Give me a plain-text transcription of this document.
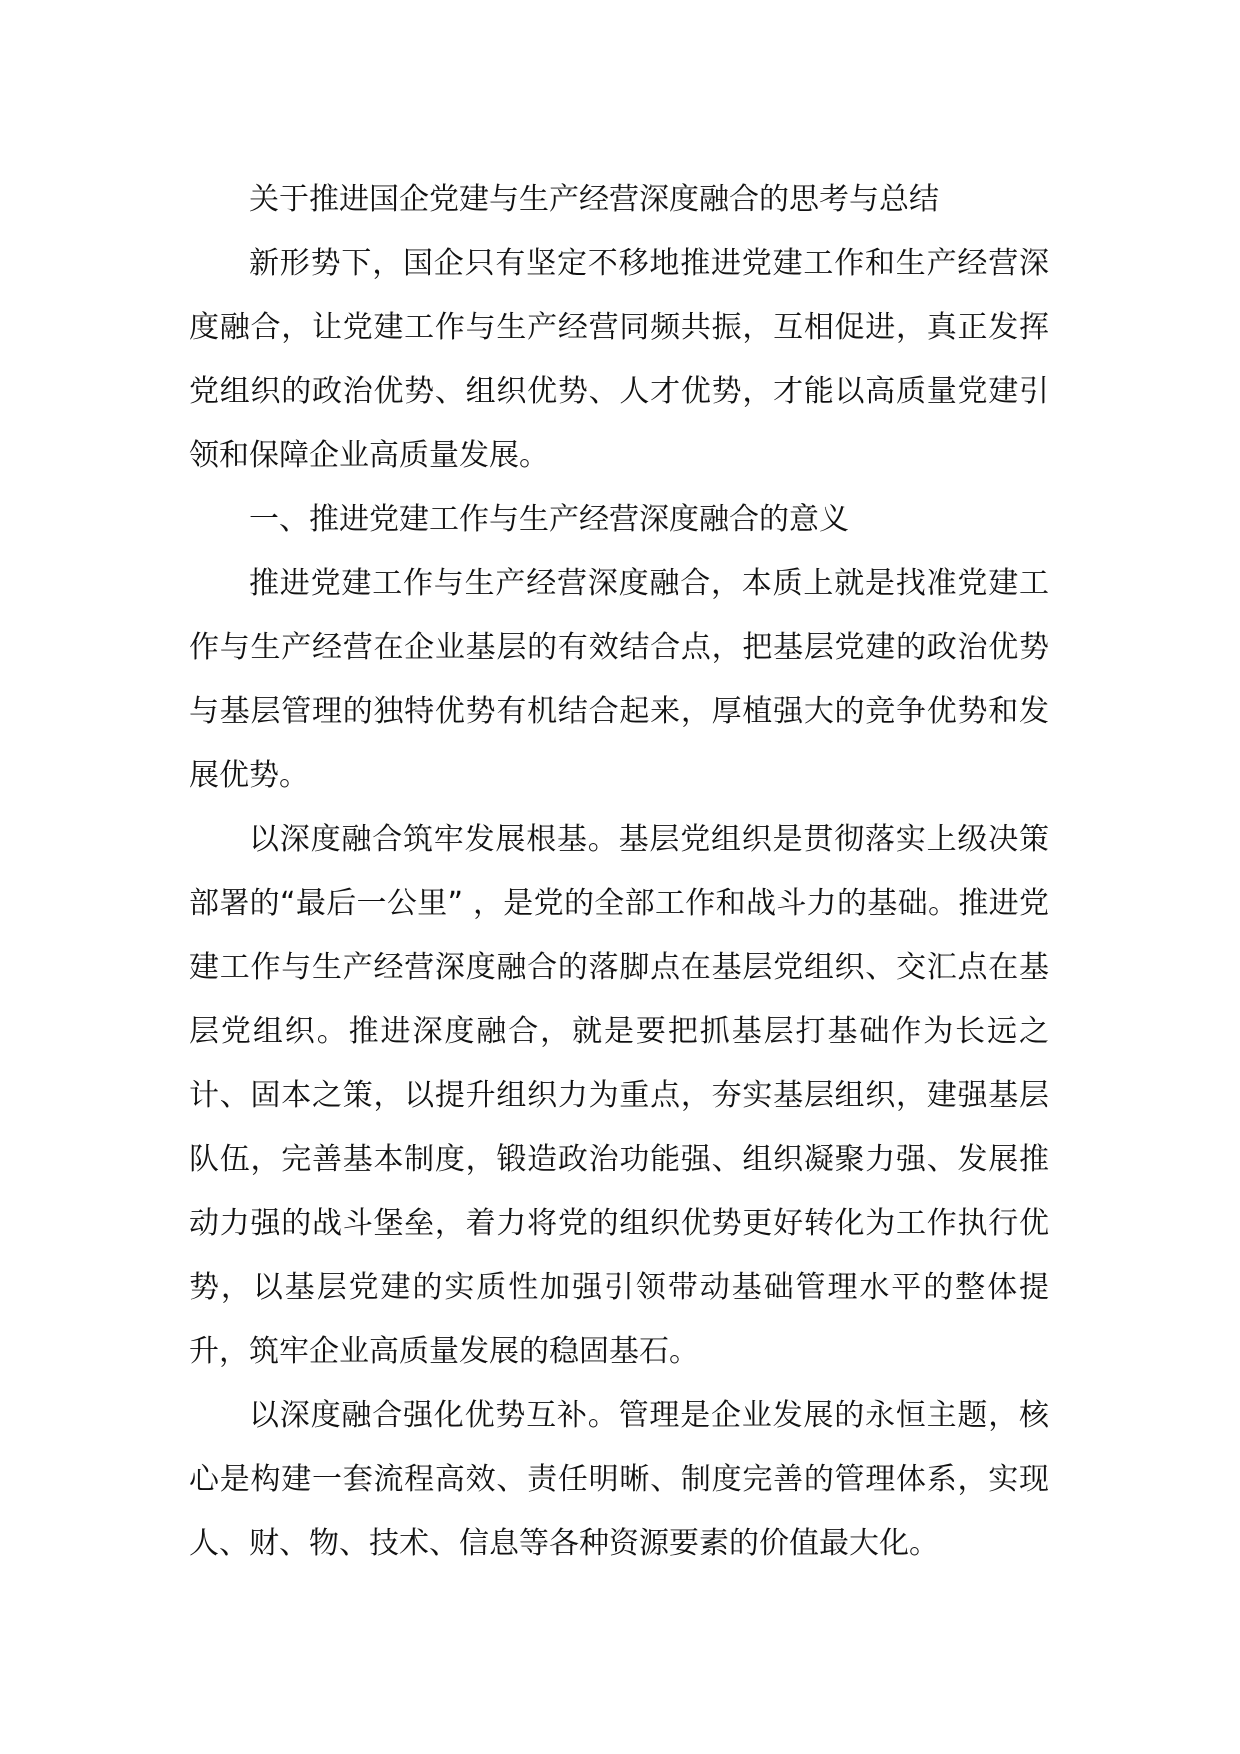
关于推进国企党建与生产经营深度融合的思考与总结
新形势下，国企只有坚定不移地推进党建工作和生产经营深度融合，让党建工作与生产经营同频共振，互相促进，真正发挥党组织的政治优势、组织优势、人才优势，才能以高质量党建引领和保障企业高质量发展。
一、推进党建工作与生产经营深度融合的意义
推进党建工作与生产经营深度融合，本质上就是找准党建工作与生产经营在企业基层的有效结合点，把基层党建的政治优势与基层管理的独特优势有机结合起来，厚植强大的竞争优势和发展优势。
以深度融合筑牢发展根基。基层党组织是贯彻落实上级决策部署的“最后一公里” ，是党的全部工作和战斗力的基础。推进党建工作与生产经营深度融合的落脚点在基层党组织、交汇点在基层党组织。推进深度融合，就是要把抓基层打基础作为长远之计、固本之策，以提升组织力为重点，夯实基层组织，建强基层队伍，完善基本制度，锻造政治功能强、组织凝聚力强、发展推动力强的战斗堡垒，着力将党的组织优势更好转化为工作执行优势，以基层党建的实质性加强引领带动基础管理水平的整体提升，筑牢企业高质量发展的稳固基石。
以深度融合强化优势互补。管理是企业发展的永恒主题，核心是构建一套流程高效、责任明晰、制度完善的管理体系，实现人、财、物、技术、信息等各种资源要素的价值最大化。
